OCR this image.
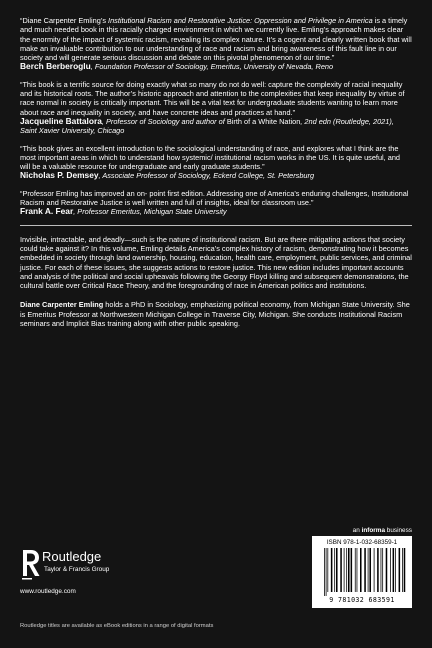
“Diane Carpenter Emling’s Institutional Racism and Restorative Justice: Oppression and Privilege in America is a timely and much needed book in this racially charged environment in which we currently live. Emling’s approach makes clear the enormity of the impact of systemic racism, revealing its complex nature. It’s a cogent and clearly written book that will make an invaluable contribution to our understanding of race and racism and bring awareness of this fault line in our society and will generate serious discussion and debate on this pivotal phenomenon of our time.”

Berch Berberoglu, Foundation Professor of Sociology, Emeritus, University of Nevada, Reno

“This book is a terrific source for doing exactly what so many do not do well: capture the complexity of racial inequality and its historical roots. The author’s historic approach and attention to the complexities that keep inequality by virtue of race normal in society is critically important. This will be a vital text for undergraduate students wanting to learn more about race and inequality in society, and have concrete ideas and practices at hand.”

Jacqueline Battalora, Professor of Sociology and author of Birth of a White Nation, 2nd edn (Routledge, 2021), Saint Xavier University, Chicago

“This book gives an excellent introduction to the sociological understanding of race, and explores what I think are the most important areas in which to understand how systemic/ institutional racism works in the US. It is quite useful, and will be a valuable resource for undergraduate and early graduate students.”

Nicholas P. Demsey, Associate Professor of Sociology, Eckerd College, St. Petersburg

“Professor Emling has improved an on- point first edition. Addressing one of America’s enduring challenges, Institutional Racism and Restorative Justice is well written and full of insights, ideal for classroom use.”

Frank A. Fear, Professor Emeritus, Michigan State University

Invisible, intractable, and deadly—such is the nature of institutional racism. But are there mitigating actions that society could take against it? In this volume, Emling details America’s complex history of racism, demonstrating how it becomes embedded in society through land ownership, housing, education, health care, employment, public services, and criminal justice. For each of these issues, she suggests actions to restore justice. This new edition includes important accounts and analysis of the political and social upheavals following the Georgy Floyd killing and subsequent demonstrations, the cultural battle over Critical Race Theory, and the foregrounding of race in American politics and institutions.

Diane Carpenter Emling holds a PhD in Sociology, emphasizing political economy, from Michigan State University. She is Emeritus Professor at Northwestern Michigan College in Traverse City, Michigan. She conducts Institutional Racism seminars and Implicit Bias training along with other public speaking.

Routledge
Taylor & Francis Group
www.routledge.com
an informa business
ISBN 978-1-032-68359-1
9 781032 683591
Routledge titles are available as eBook editions in a range of digital formats
